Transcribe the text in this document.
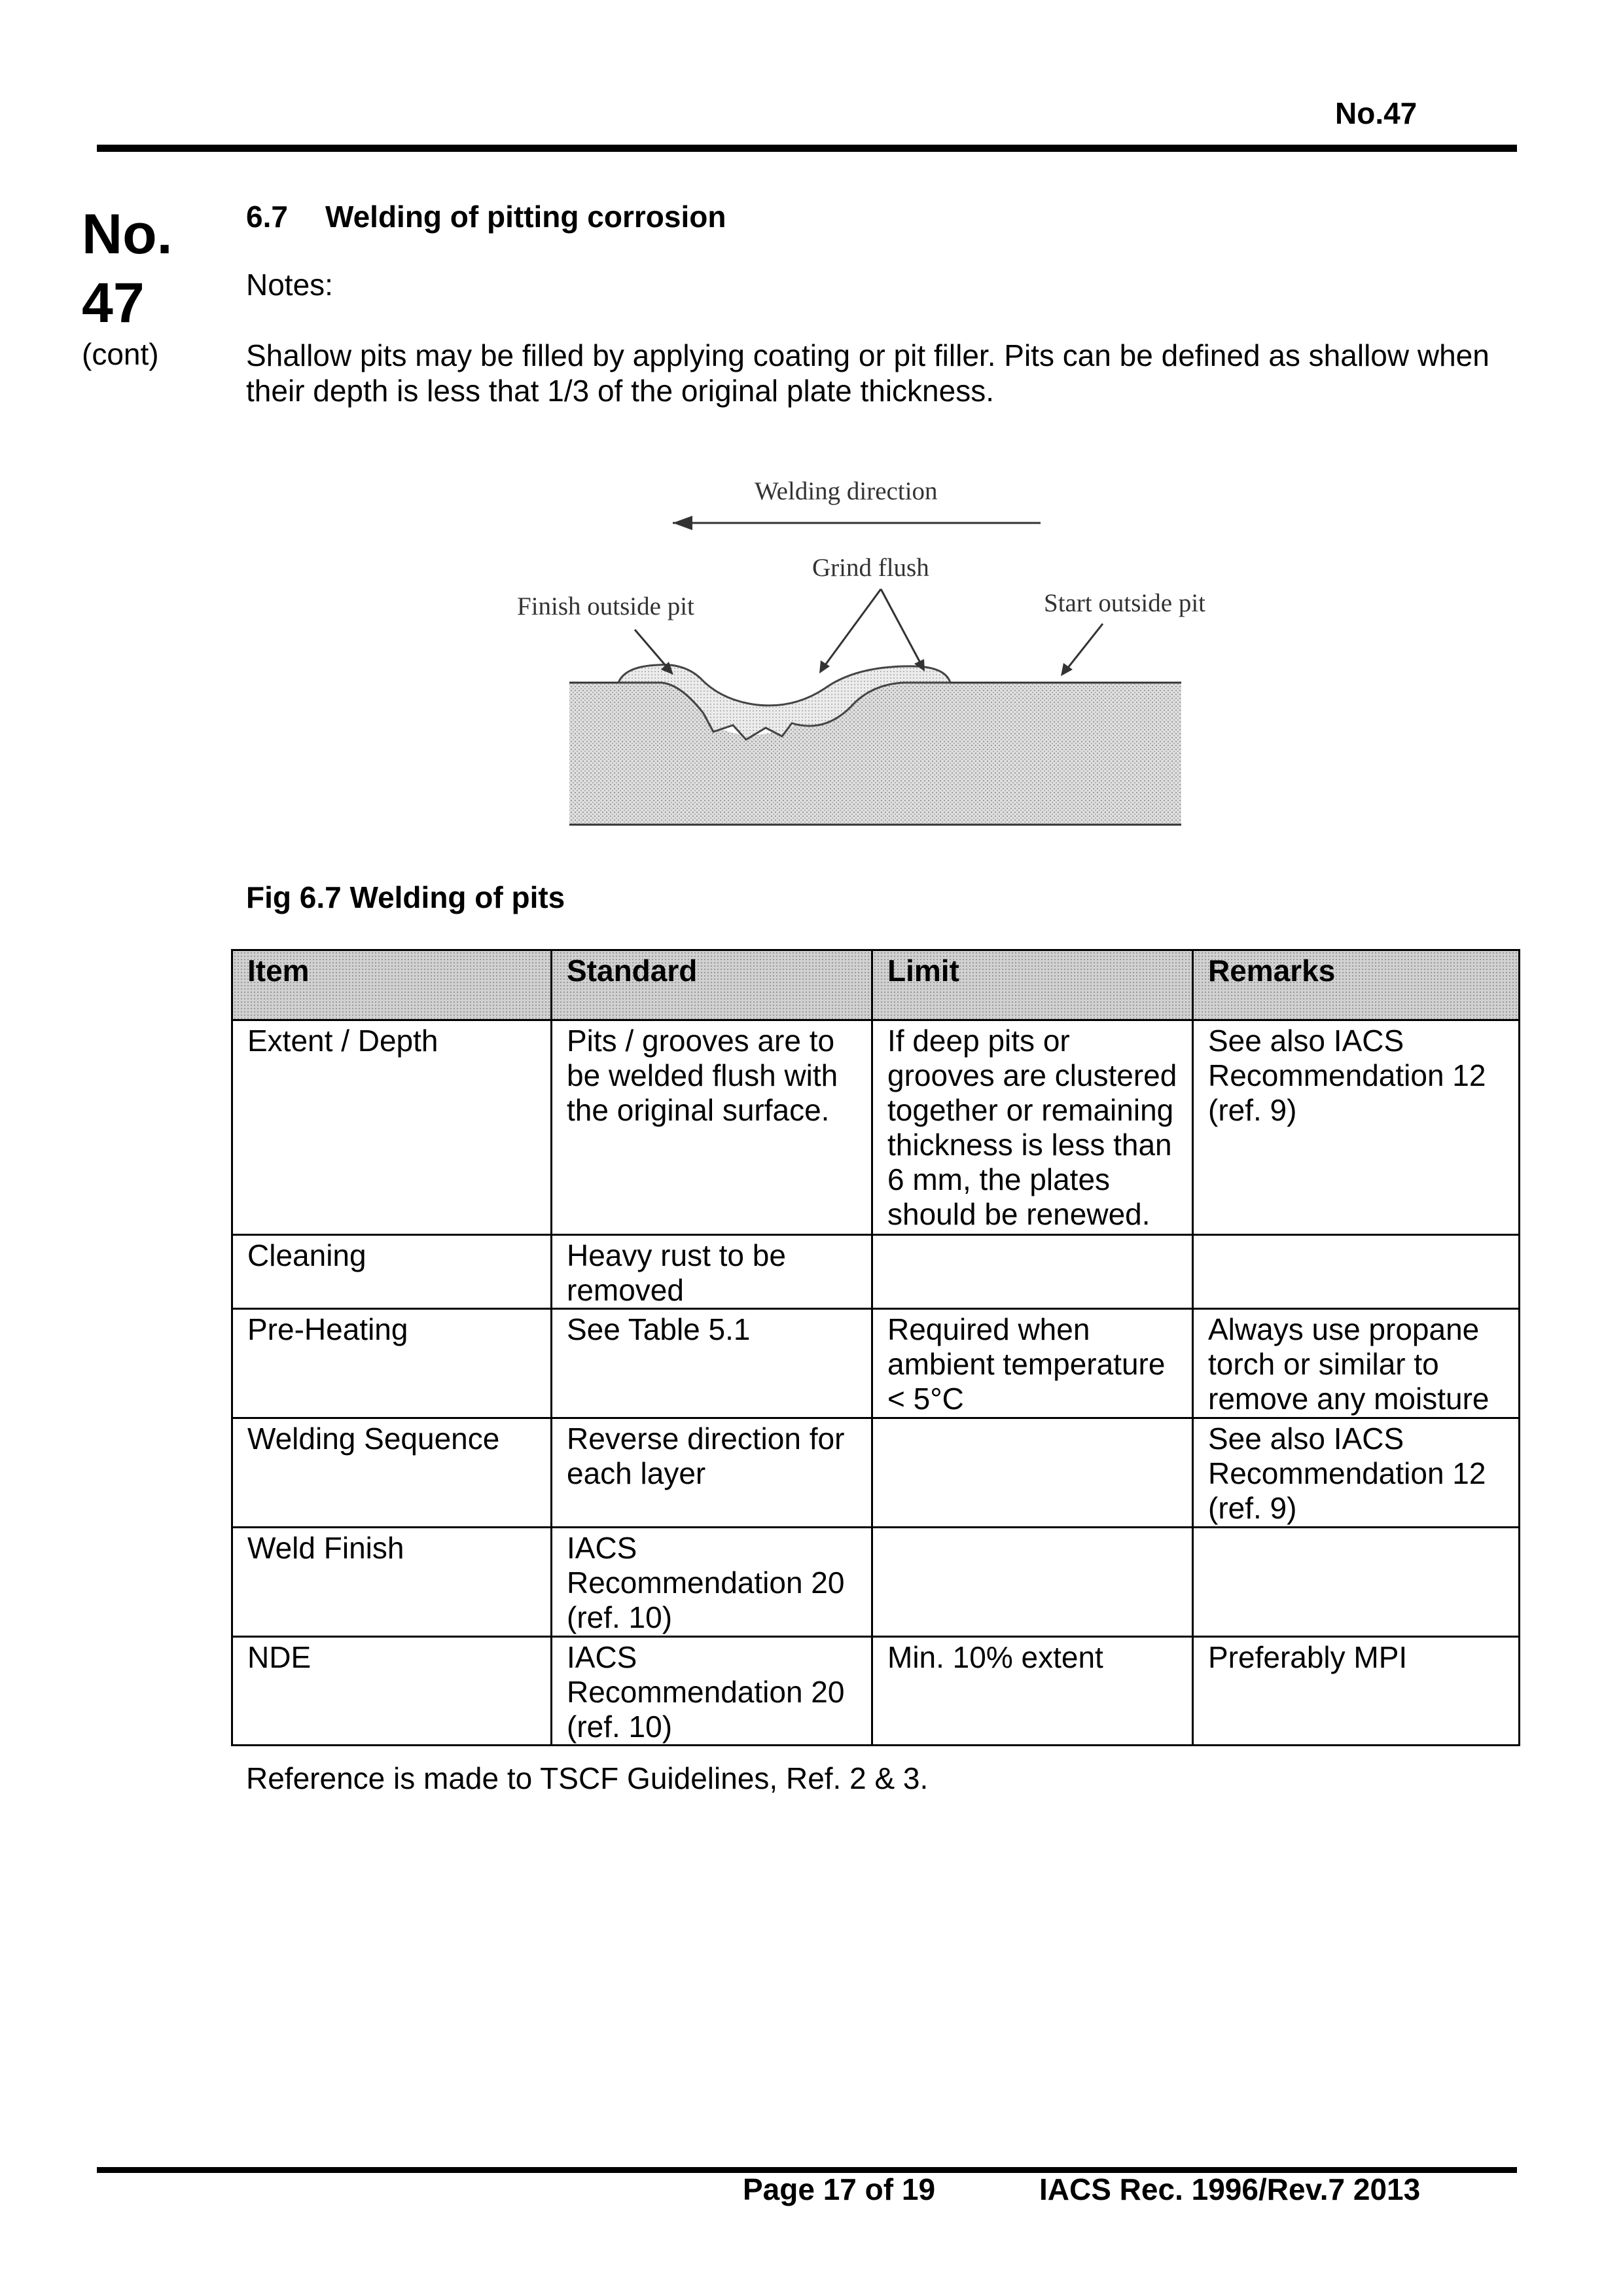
No.47
No.
47
(cont)
6.7 Welding of pitting corrosion
Notes:
Shallow pits may be filled by applying coating or pit filler. Pits can be defined as shallow when their depth is less that 1/3 of the original plate thickness.
Welding direction
Grind flush
Finish outside pit	Start outside pit
Fig 6.7 Welding of pits
Item	Standard	Limit	Remarks
Extent / Depth	Pits / grooves are to be welded flush with the original surface.	If deep pits or grooves are clustered together or remaining thickness is less than 6 mm, the plates should be renewed.	See also IACS Recommendation 12 (ref. 9)
Cleaning	Heavy rust to be removed		
Pre-Heating	See Table 5.1	Required when ambient temperature < 5°C	Always use propane torch or similar to remove any moisture
Welding Sequence	Reverse direction for each layer		See also IACS Recommendation 12 (ref. 9)
Weld Finish	IACS Recommendation 20 (ref. 10)		
NDE	IACS Recommendation 20 (ref. 10)	Min. 10% extent	Preferably MPI
Reference is made to TSCF Guidelines, Ref. 2 & 3.
Page 17 of 19	IACS Rec. 1996/Rev.7 2013
